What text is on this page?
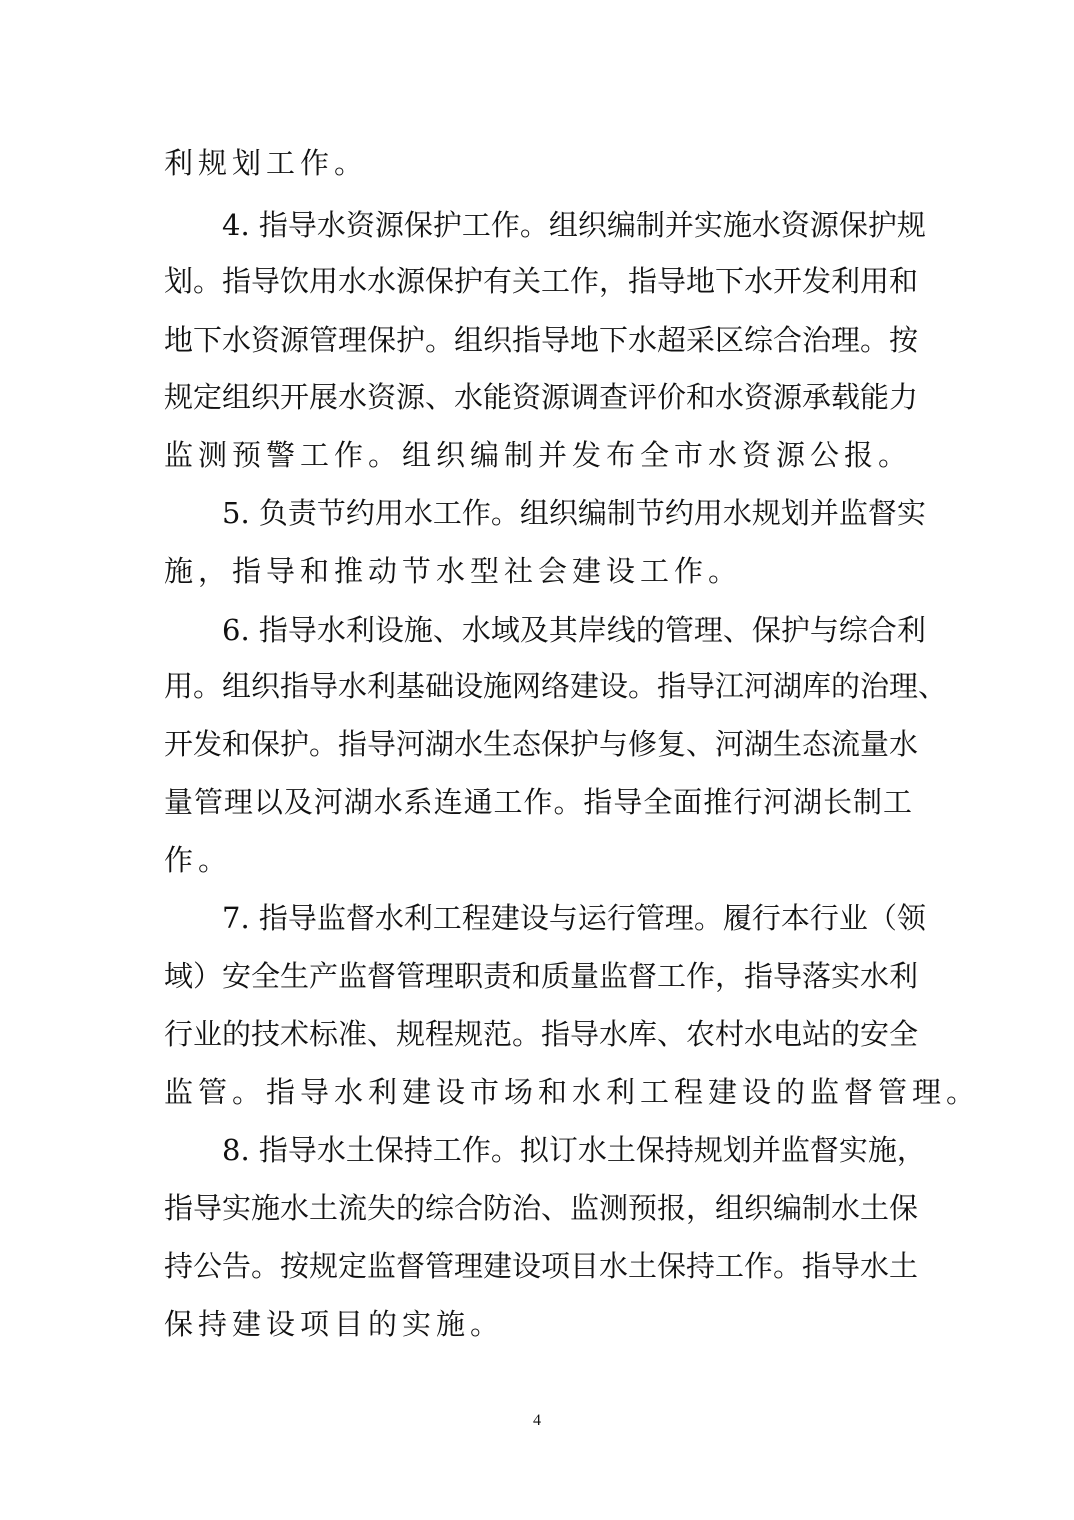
利规划工作。
4. 指导水资源保护工作。组织编制并实施水资源保护规
划。指导饮用水水源保护有关工作，指导地下水开发利用和
地下水资源管理保护。组织指导地下水超采区综合治理。按
规定组织开展水资源、水能资源调查评价和水资源承载能力
监测预警工作。组织编制并发布全市水资源公报。
5. 负责节约用水工作。组织编制节约用水规划并监督实
施，指导和推动节水型社会建设工作。
6. 指导水利设施、水域及其岸线的管理、保护与综合利
用。组织指导水利基础设施网络建设。指导江河湖库的治理、
开发和保护。指导河湖水生态保护与修复、河湖生态流量水
量管理以及河湖水系连通工作。指导全面推行河湖长制工
作。
7. 指导监督水利工程建设与运行管理。履行本行业（领
域）安全生产监督管理职责和质量监督工作，指导落实水利
行业的技术标准、规程规范。指导水库、农村水电站的安全
监管。指导水利建设市场和水利工程建设的监督管理。
8. 指导水土保持工作。拟订水土保持规划并监督实施，
指导实施水土流失的综合防治、监测预报，组织编制水土保
持公告。按规定监督管理建设项目水土保持工作。指导水土
保持建设项目的实施。
4
